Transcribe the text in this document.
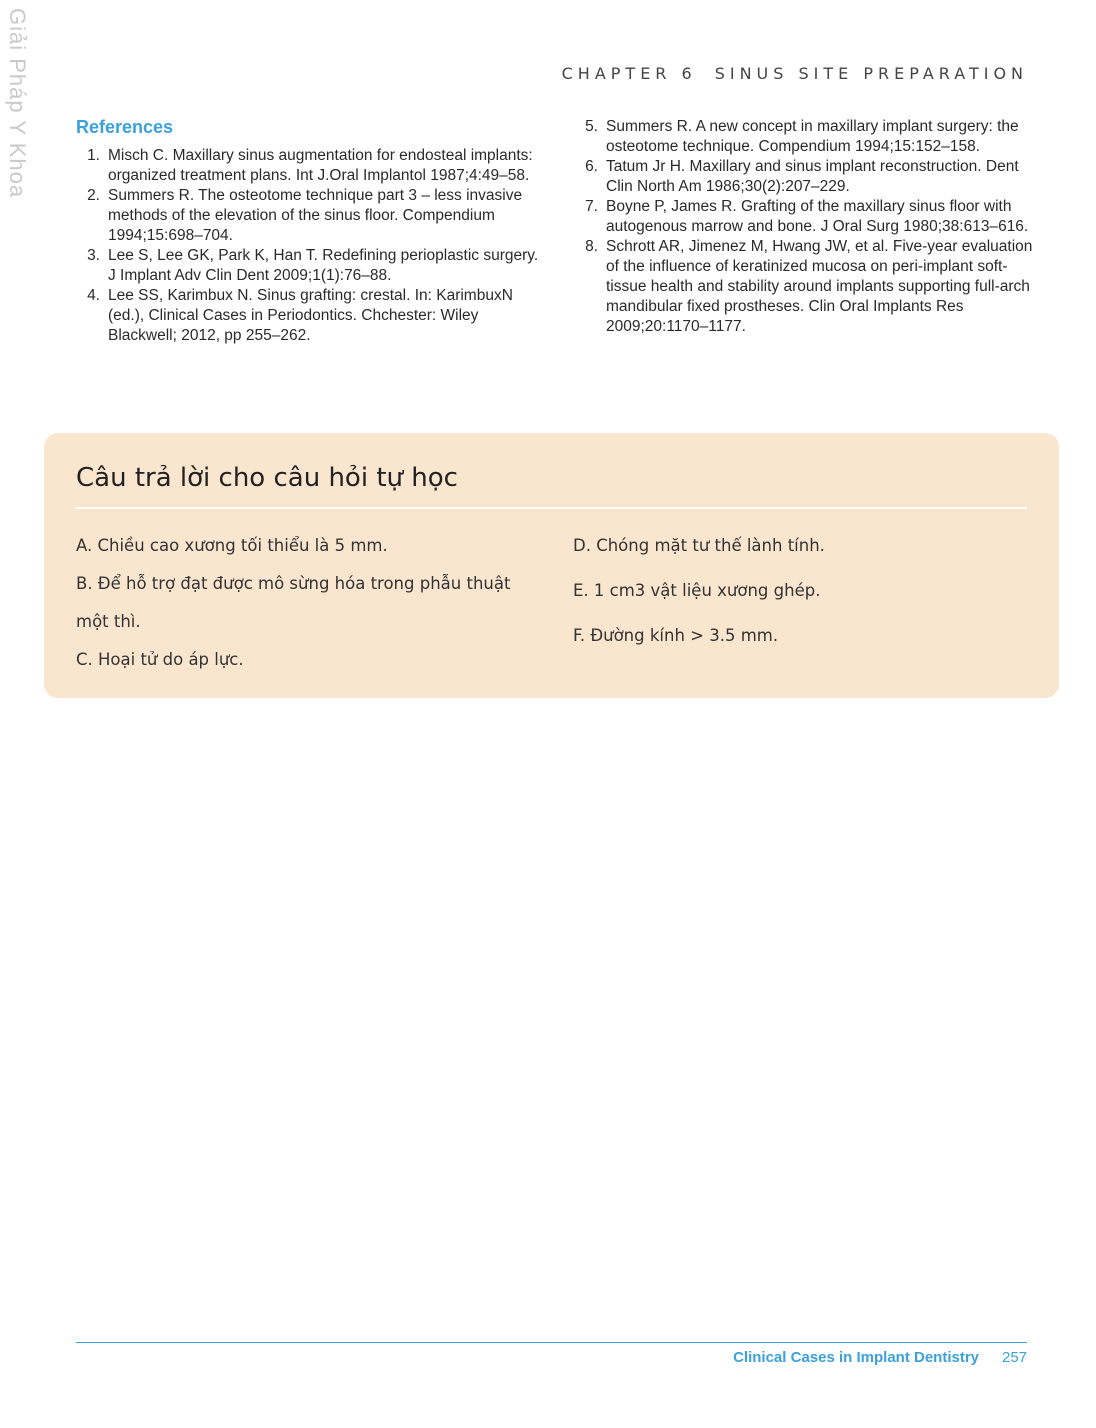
Giải Pháp Y Khoa	CHAPTER 6 SINUS SITE PREPARATION
References
1. Misch C. Maxillary sinus augmentation for endosteal implants: organized treatment plans. Int J.Oral Implantol 1987;4:49–58.
2. Summers R. The osteotome technique part 3 – less invasive methods of the elevation of the sinus floor. Compendium 1994;15:698–704.
3. Lee S, Lee GK, Park K, Han T. Redefining perioplastic surgery. J Implant Adv Clin Dent 2009;1(1):76–88.
4. Lee SS, Karimbux N. Sinus grafting: crestal. In: KarimbuxN (ed.), Clinical Cases in Periodontics. Chchester: Wiley Blackwell; 2012, pp 255–262.
5. Summers R. A new concept in maxillary implant surgery: the osteotome technique. Compendium 1994;15:152–158.
6. Tatum Jr H. Maxillary and sinus implant reconstruction. Dent Clin North Am 1986;30(2):207–229.
7. Boyne P, James R. Grafting of the maxillary sinus floor with autogenous marrow and bone. J Oral Surg 1980;38:613–616.
8. Schrott AR, Jimenez M, Hwang JW, et al. Five-year evaluation of the influence of keratinized mucosa on peri-implant soft-tissue health and stability around implants supporting full-arch mandibular fixed prostheses. Clin Oral Implants Res 2009;20:1170–1177.
Câu trả lời cho câu hỏi tự học

A. Chiều cao xương tối thiểu là 5 mm.

B. Để hỗ trợ đạt được mô sừng hóa trong phẫu thuật một thì.

C. Hoại tử do áp lực.

D. Chóng mặt tư thế lành tính.

E. 1 cm3 vật liệu xương ghép.

F. Đường kính > 3.5 mm.

Clinical Cases in Implant Dentistry 257
